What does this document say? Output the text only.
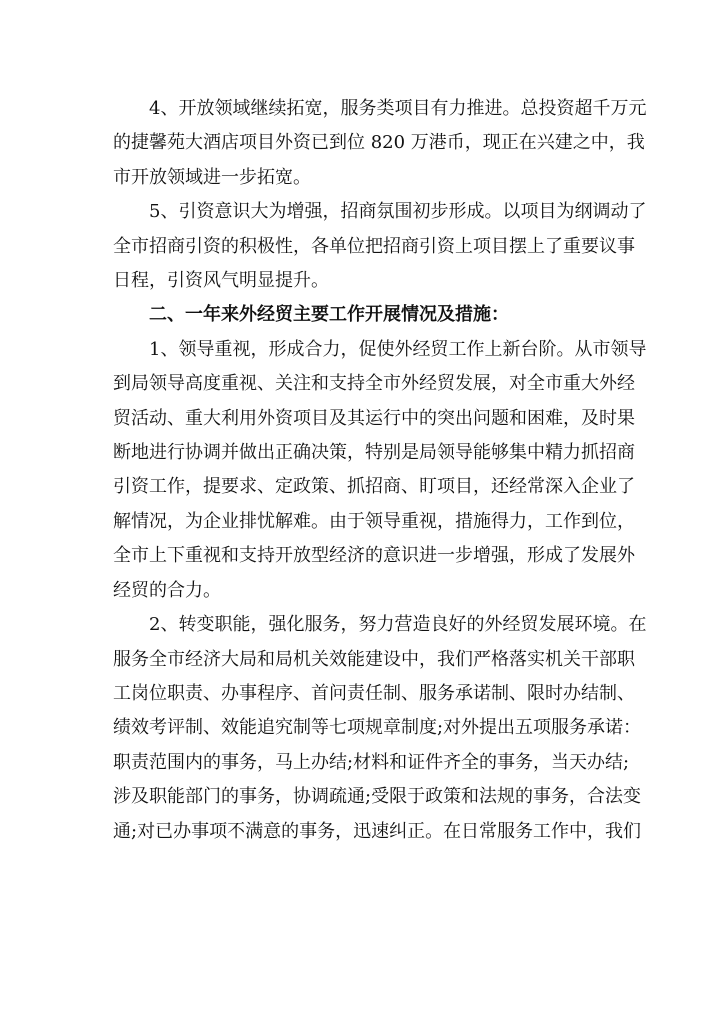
4、开放领域继续拓宽，服务类项目有力推进。总投资超千万元
的捷馨苑大酒店项目外资已到位 820 万港币，现正在兴建之中，我
市开放领域进一步拓宽。

5、引资意识大为增强，招商氛围初步形成。以项目为纲调动了
全市招商引资的积极性，各单位把招商引资上项目摆上了重要议事
日程，引资风气明显提升。

二、一年来外经贸主要工作开展情况及措施：

1、领导重视，形成合力，促使外经贸工作上新台阶。从市领导
到局领导高度重视、关注和支持全市外经贸发展，对全市重大外经
贸活动、重大利用外资项目及其运行中的突出问题和困难，及时果
断地进行协调并做出正确决策，特别是局领导能够集中精力抓招商
引资工作，提要求、定政策、抓招商、盯项目，还经常深入企业了
解情况，为企业排忧解难。由于领导重视，措施得力，工作到位，
全市上下重视和支持开放型经济的意识进一步增强，形成了发展外
经贸的合力。

2、转变职能，强化服务，努力营造良好的外经贸发展环境。在
服务全市经济大局和局机关效能建设中，我们严格落实机关干部职
工岗位职责、办事程序、首问责任制、服务承诺制、限时办结制、
绩效考评制、效能追究制等七项规章制度;对外提出五项服务承诺：
职责范围内的事务，马上办结;材料和证件齐全的事务，当天办结;
涉及职能部门的事务，协调疏通;受限于政策和法规的事务，合法变
通;对已办事项不满意的事务，迅速纠正。在日常服务工作中，我们
